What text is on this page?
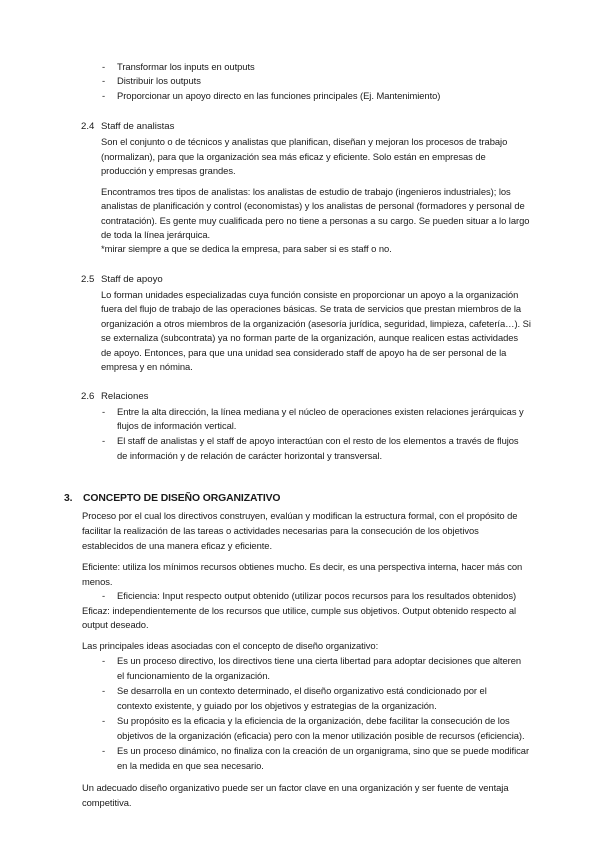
- Transformar los inputs en outputs
- Distribuir los outputs
- Proporcionar un apoyo directo en las funciones principales (Ej. Mantenimiento)
2.4 Staff de analistas
Son el conjunto o de técnicos y analistas que planifican, diseñan y mejoran los procesos de trabajo
(normalizan), para que la organización sea más eficaz y eficiente. Solo están en empresas de
producción y empresas grandes.
Encontramos tres tipos de analistas: los analistas de estudio de trabajo (ingenieros industriales); los
analistas de planificación y control (economistas) y los analistas de personal (formadores y personal de
contratación). Es gente muy cualificada pero no tiene a personas a su cargo. Se pueden situar a lo largo
de toda la línea jerárquica.
*mirar siempre a que se dedica la empresa, para saber si es staff o no.
2.5 Staff de apoyo
Lo forman unidades especializadas cuya función consiste en proporcionar un apoyo a la organización
fuera del flujo de trabajo de las operaciones básicas. Se trata de servicios que prestan miembros de la
organización a otros miembros de la organización (asesoría jurídica, seguridad, limpieza, cafetería…). Si
se externaliza (subcontrata) ya no forman parte de la organización, aunque realicen estas actividades
de apoyo. Entonces, para que una unidad sea considerado staff de apoyo ha de ser personal de la
empresa y en nómina.
2.6 Relaciones
- Entre la alta dirección, la línea mediana y el núcleo de operaciones existen relaciones jerárquicas y
flujos de información vertical.
- El staff de analistas y el staff de apoyo interactúan con el resto de los elementos a través de flujos
de información y de relación de carácter horizontal y transversal.
3. CONCEPTO DE DISEÑO ORGANIZATIVO
Proceso por el cual los directivos construyen, evalúan y modifican la estructura formal, con el propósito de
facilitar la realización de las tareas o actividades necesarias para la consecución de los objetivos
establecidos de una manera eficaz y eficiente.
Eficiente: utiliza los mínimos recursos obtienes mucho. Es decir, es una perspectiva interna, hacer más con
menos.
- Eficiencia: Input respecto output obtenido (utilizar pocos recursos para los resultados obtenidos)
Eficaz: independientemente de los recursos que utilice, cumple sus objetivos. Output obtenido respecto al
output deseado.
Las principales ideas asociadas con el concepto de diseño organizativo:
- Es un proceso directivo, los directivos tiene una cierta libertad para adoptar decisiones que alteren
el funcionamiento de la organización.
- Se desarrolla en un contexto determinado, el diseño organizativo está condicionado por el
contexto existente, y guiado por los objetivos y estrategias de la organización.
- Su propósito es la eficacia y la eficiencia de la organización, debe facilitar la consecución de los
objetivos de la organización (eficacia) pero con la menor utilización posible de recursos (eficiencia).
- Es un proceso dinámico, no finaliza con la creación de un organigrama, sino que se puede modificar
en la medida en que sea necesario.
Un adecuado diseño organizativo puede ser un factor clave en una organización y ser fuente de ventaja
competitiva.
